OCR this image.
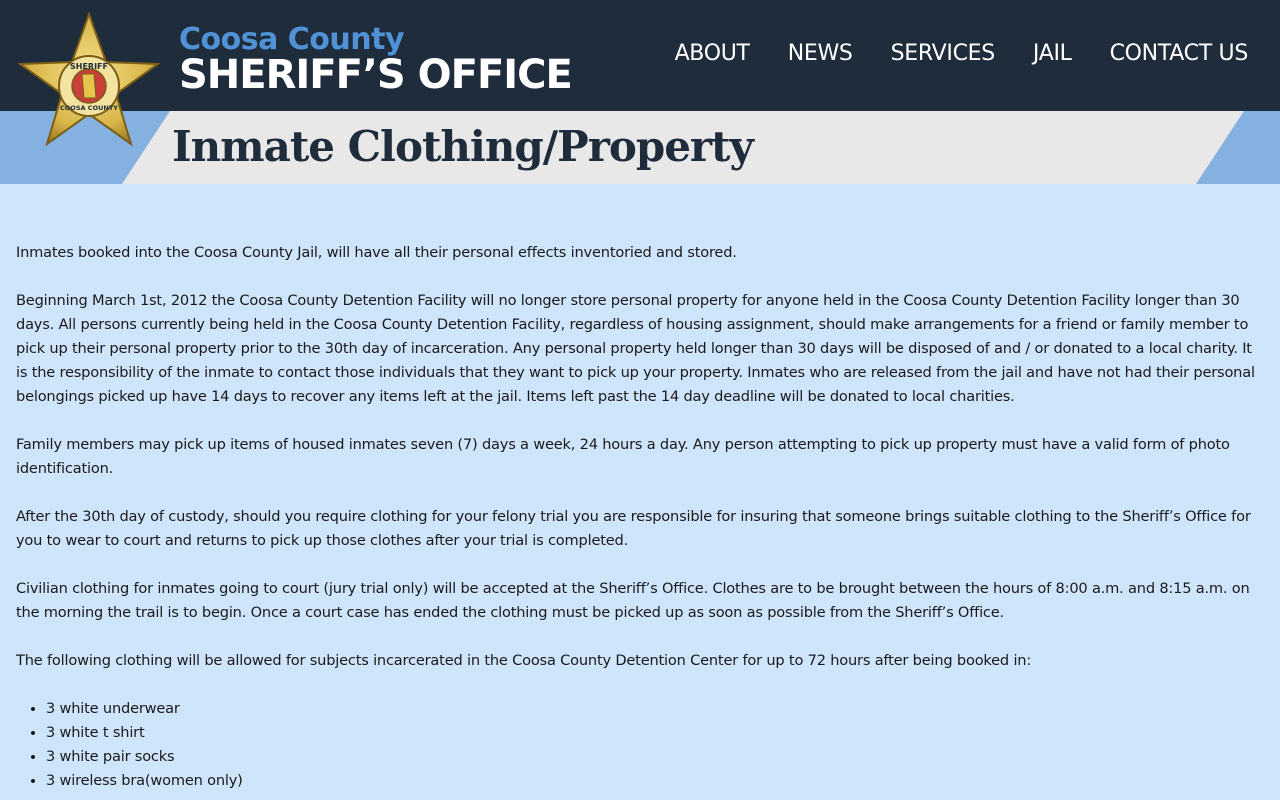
SHERIFF
COOSA COUNTY
Coosa County
SHERIFF’S OFFICE	ABOUT NEWS SERVICES JAIL CONTACT US
Inmate Clothing/Property

Inmates booked into the Coosa County Jail, will have all their personal effects inventoried and stored.

Beginning March 1st, 2012 the Coosa County Detention Facility will no longer store personal property for anyone held in the Coosa County Detention Facility longer than 30 days. All persons currently being held in the Coosa County Detention Facility, regardless of housing assignment, should make arrangements for a friend or family member to pick up their personal property prior to the 30th day of incarceration. Any personal property held longer than 30 days will be disposed of and / or donated to a local charity. It is the responsibility of the inmate to contact those individuals that they want to pick up your property. Inmates who are released from the jail and have not had their personal belongings picked up have 14 days to recover any items left at the jail. Items left past the 14 day deadline will be donated to local charities.

Family members may pick up items of housed inmates seven (7) days a week, 24 hours a day. Any person attempting to pick up property must have a valid form of photo identification.

After the 30th day of custody, should you require clothing for your felony trial you are responsible for insuring that someone brings suitable clothing to the Sheriff’s Office for you to wear to court and returns to pick up those clothes after your trial is completed.

Civilian clothing for inmates going to court (jury trial only) will be accepted at the Sheriff’s Office. Clothes are to be brought between the hours of 8:00 a.m. and 8:15 a.m. on the morning the trail is to begin. Once a court case has ended the clothing must be picked up as soon as possible from the Sheriff’s Office.

The following clothing will be allowed for subjects incarcerated in the Coosa County Detention Center for up to 72 hours after being booked in:

• 3 white underwear
• 3 white t shirt
• 3 white pair socks
• 3 wireless bra(women only)
